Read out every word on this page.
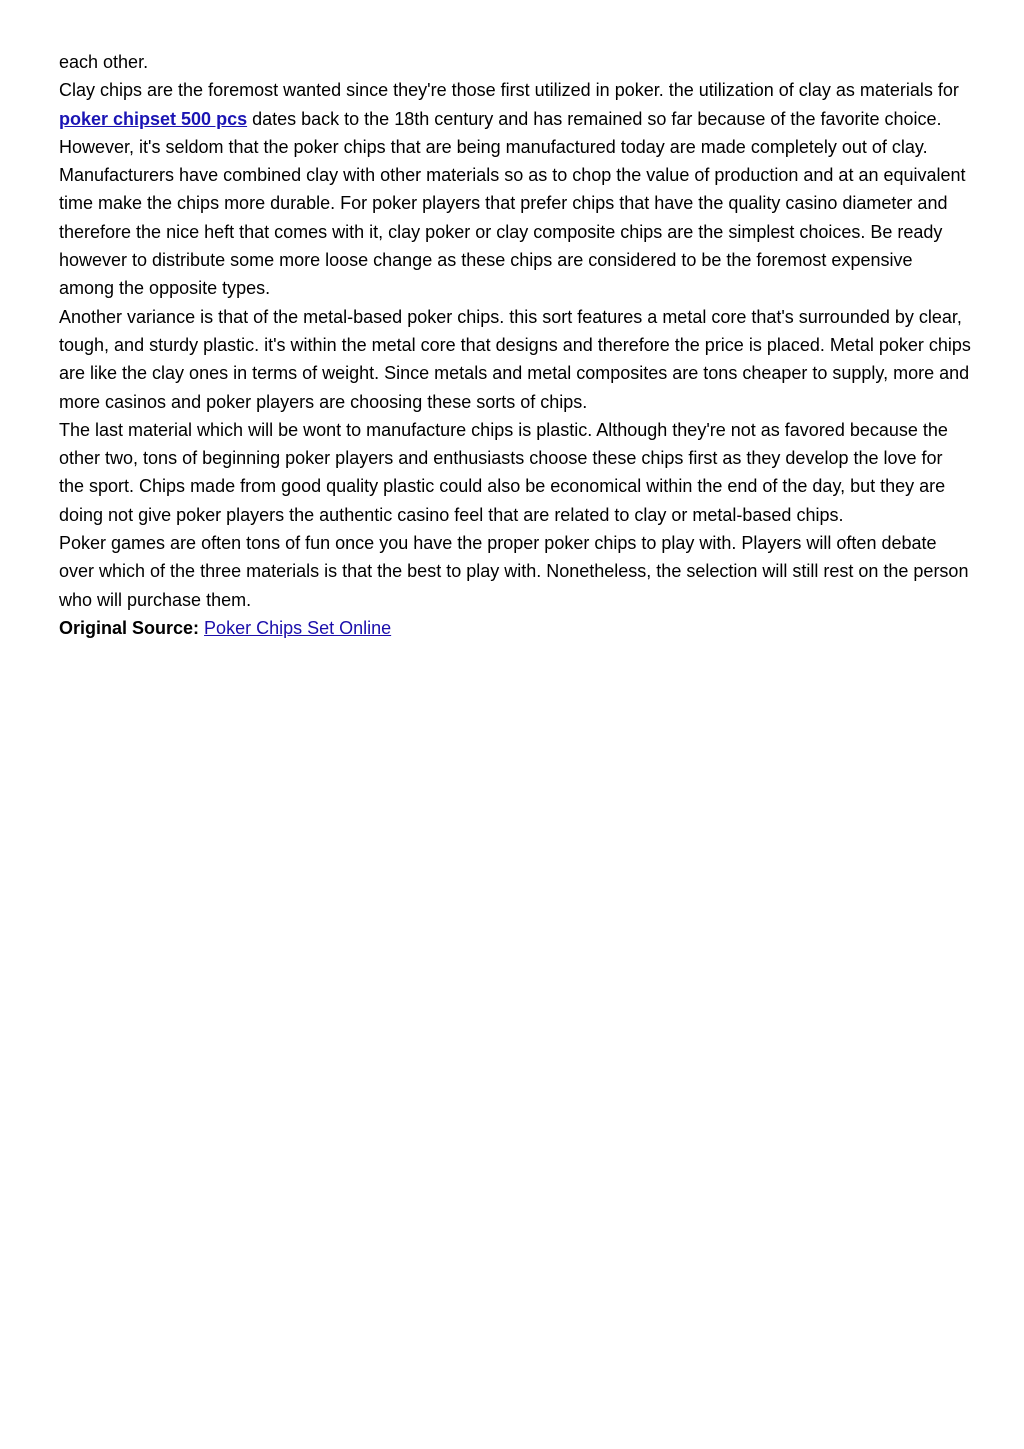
each other.

Clay chips are the foremost wanted since they're those first utilized in poker. the utilization of clay as materials for poker chipset 500 pcs dates back to the 18th century and has remained so far because of the favorite choice. However, it's seldom that the poker chips that are being manufactured today are made completely out of clay. Manufacturers have combined clay with other materials so as to chop the value of production and at an equivalent time make the chips more durable. For poker players that prefer chips that have the quality casino diameter and therefore the nice heft that comes with it, clay poker or clay composite chips are the simplest choices. Be ready however to distribute some more loose change as these chips are considered to be the foremost expensive among the opposite types.

Another variance is that of the metal-based poker chips. this sort features a metal core that's surrounded by clear, tough, and sturdy plastic. it's within the metal core that designs and therefore the price is placed. Metal poker chips are like the clay ones in terms of weight. Since metals and metal composites are tons cheaper to supply, more and more casinos and poker players are choosing these sorts of chips.

The last material which will be wont to manufacture chips is plastic. Although they're not as favored because the other two, tons of beginning poker players and enthusiasts choose these chips first as they develop the love for the sport. Chips made from good quality plastic could also be economical within the end of the day, but they are doing not give poker players the authentic casino feel that are related to clay or metal-based chips.

Poker games are often tons of fun once you have the proper poker chips to play with. Players will often debate over which of the three materials is that the best to play with. Nonetheless, the selection will still rest on the person who will purchase them.

Original Source: Poker Chips Set Online
